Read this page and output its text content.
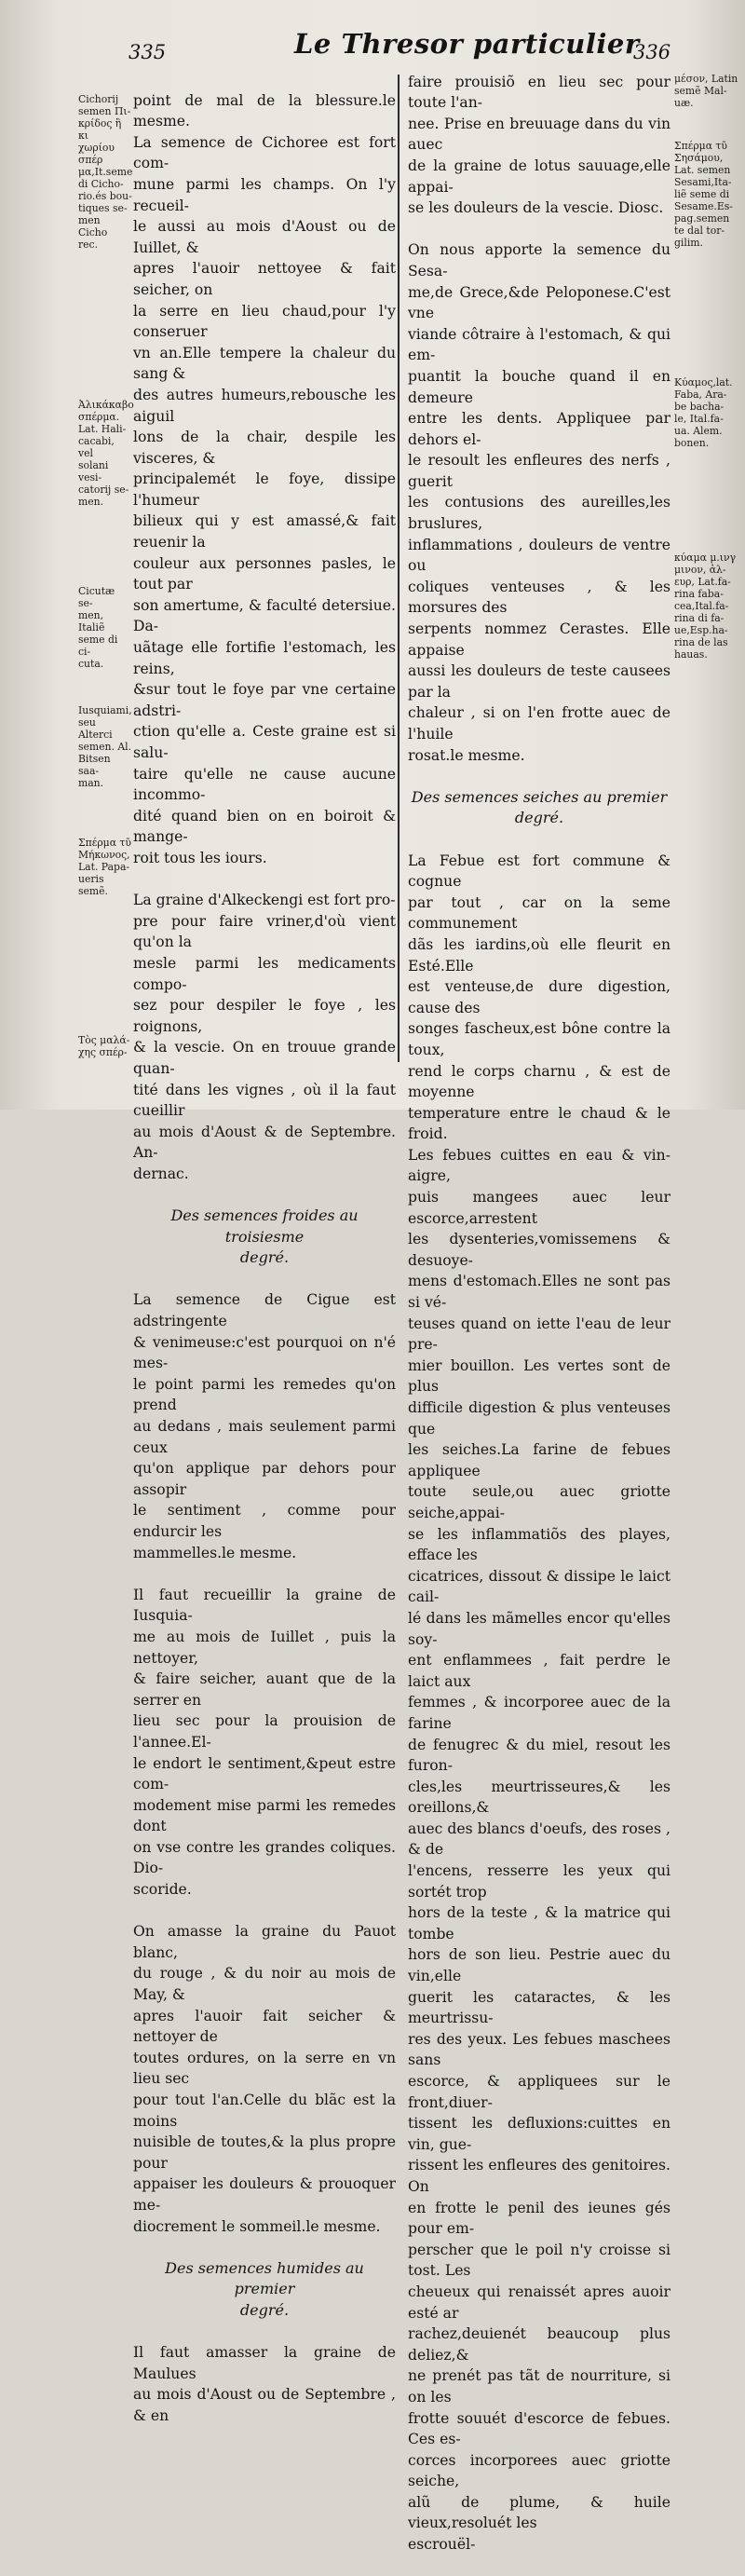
335	Le Thresor particulier
336
Cichorij
semen Πι-
κρίδος ἢ κι
χωρίου σπέρ
μα,It.seme
di Cicho-
rio.és bou-
tiques se-
men Cicho
rec.
Ἀλικάκαβο
σπέρμα.
Lat. Hali-
cacabi, vel
solani vesi-
catorij se-
men.
Cicutæ se-
men, Italiẽ
seme di ci-
cuta.
Iusquiami,
seu Alterci
semen. Al.
Bitsen saa-
man.
Σπέρμα τῦ
Μήκωνος,
Lat. Papa-
ueris semẽ.
Τὸς μαλά-
χης σπέρ-

point de mal de la blessure.le mesme.
La semence de Cichoree est fort com-
mune parmi les champs. On l'y recueil-
le aussi au mois d'Aoust ou de Iuillet, &
apres l'auoir nettoyee & fait seicher, on
la serre en lieu chaud,pour l'y conseruer
vn an.Elle tempere la chaleur du sang &
des autres humeurs,rebousche les aiguil
lons de la chair, despile les visceres, &
principalemét le foye, dissipe l'humeur
bilieux qui y est amassé,& fait reuenir la
couleur aux personnes pasles, le tout par
son amertume, & faculté detersiue. Da-
uãtage elle fortifie l'estomach, les reins,
&sur tout le foye par vne certaine adstri-
ction qu'elle a. Ceste graine est si salu-
taire qu'elle ne cause aucune incommo-
dité quand bien on en boiroit & mange-
roit tous les iours.

La graine d'Alkeckengi est fort pro-
pre pour faire vriner,d'où vient qu'on la
mesle parmi les medicaments compo-
sez pour despiler le foye , les roignons,
& la vescie. On en trouue grande quan-
tité dans les vignes , où il la faut cueillir
au mois d'Aoust & de Septembre. An-
dernac.

Des semences froides au troisiesme
degré.

La semence de Cigue est adstringente
& venimeuse:c'est pourquoi on n'é mes-
le point parmi les remedes qu'on prend
au dedans , mais seulement parmi ceux
qu'on applique par dehors pour assopir
le sentiment , comme pour endurcir les
mammelles.le mesme.

Il faut recueillir la graine de Iusquia-
me au mois de Iuillet , puis la nettoyer,
& faire seicher, auant que de la serrer en
lieu sec pour la prouision de l'annee.El-
le endort le sentiment,&peut estre com-
modement mise parmi les remedes dont
on vse contre les grandes coliques. Dio-
scoride.

On amasse la graine du Pauot blanc,
du rouge , & du noir au mois de May, &
apres l'auoir fait seicher & nettoyer de
toutes ordures, on la serre en vn lieu sec
pour tout l'an.Celle du blãc est la moins
nuisible de toutes,& la plus propre pour
appaiser les douleurs & prouoquer me-
diocrement le sommeil.le mesme.

Des semences humides au premier
degré.

Il faut amasser la graine de Maulues
au mois d'Aoust ou de Septembre , & en

faire prouisiõ en lieu sec pour toute l'an-
nee. Prise en breuuage dans du vin auec
de la graine de lotus sauuage,elle appai-
se les douleurs de la vescie. Diosc.

On nous apporte la semence du Sesa-
me,de Grece,&de Peloponese.C'est vne
viande côtraire à l'estomach, & qui em-
puantit la bouche quand il en demeure
entre les dents. Appliquee par dehors el-
le resoult les enfleures des nerfs , guerit
les contusions des aureilles,les bruslures,
inflammations , douleurs de ventre ou
coliques venteuses , & les morsures des
serpents nommez Cerastes. Elle appaise
aussi les douleurs de teste causees par la
chaleur , si on l'en frotte auec de l'huile
rosat.le mesme.

Des semences seiches au premier degré.

La Febue est fort commune & cognue
par tout , car on la seme communement
dãs les iardins,où elle fleurit en Esté.Elle
est venteuse,de dure digestion, cause des
songes fascheux,est bône contre la toux,
rend le corps charnu , & est de moyenne
temperature entre le chaud & le froid.
Les febues cuittes en eau & vin-aigre,
puis mangees auec leur escorce,arrestent
les dysenteries,vomissemens & desuoye-
mens d'estomach.Elles ne sont pas si vé-
teuses quand on iette l'eau de leur pre-
mier bouillon. Les vertes sont de plus
difficile digestion & plus venteuses que
les seiches.La farine de febues appliquee
toute seule,ou auec griotte seiche,appai-
se les inflammatiõs des playes, efface les
cicatrices, dissout & dissipe le laict cail-
lé dans les mãmelles encor qu'elles soy-
ent enflammees , fait perdre le laict aux
femmes , & incorporee auec de la farine
de fenugrec & du miel, resout les furon-
cles,les meurtrisseures,& les oreillons,&
auec des blancs d'oeufs, des roses , & de
l'encens, resserre les yeux qui sortét trop
hors de la teste , & la matrice qui tombe
hors de son lieu. Pestrie auec du vin,elle
guerit les cataractes, & les meurtrissu-
res des yeux. Les febues maschees sans
escorce, & appliquees sur le front,diuer-
tissent les defluxions:cuittes en vin, gue-
rissent les enfleures des genitoires. On
en frotte le penil des ieunes gés pour em-
perscher que le poil n'y croisse si tost. Les
cheueux qui renaissét apres auoir esté ar
rachez,deuienét beaucoup plus deliez,&
ne prenét pas tãt de nourriture, si on les
frotte souuét d'escorce de febues. Ces es-
corces incorporees auec griotte seiche,
alũ de plume, & huile vieux,resoluét les
escrouël-

μέσον, Latin
semẽ Mal-
uæ.
Σπέρμα τῦ
Σησάμου,
Lat. semen
Sesami,Ita-
liẽ seme di
Sesame.Es-
pag.semen
te dal tor-
gilim.
Κύαμος,lat.
Faba, Ara-
be bacha-
le, Ital.fa-
ua. Alem.
bonen.
κύαμα μ.ινγ
μινον, ἀλ-
ευρ, Lat.fa-
rina faba-
cea,Ital.fa-
rina di fa-
ue,Esp.ha-
rina de las
hauas.
